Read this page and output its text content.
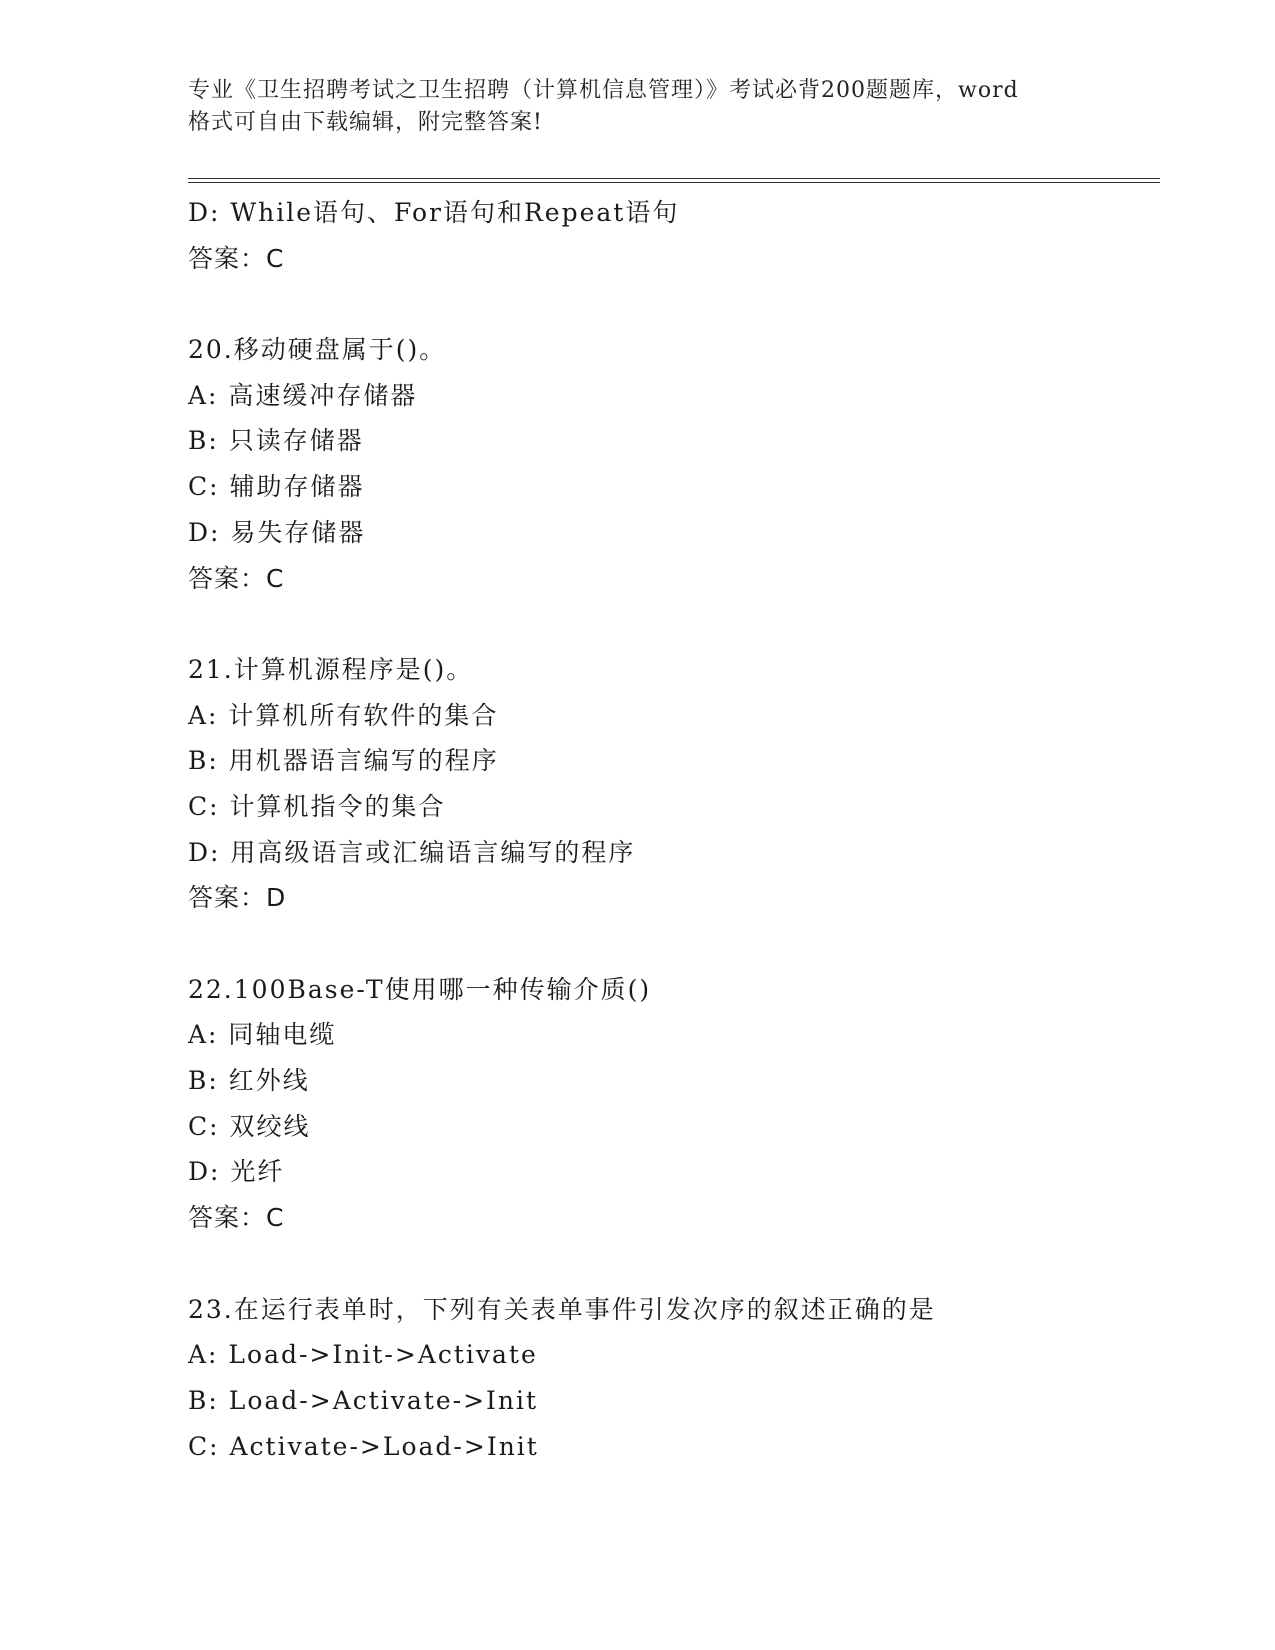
专业《卫生招聘考试之卫生招聘（计算机信息管理）》考试必背200题题库，word
格式可自由下载编辑，附完整答案!
D: While语句、For语句和Repeat语句
答案：C
20.移动硬盘属于()。
A: 高速缓冲存储器
B: 只读存储器
C: 辅助存储器
D: 易失存储器
答案：C
21.计算机源程序是()。
A: 计算机所有软件的集合
B: 用机器语言编写的程序
C: 计算机指令的集合
D: 用高级语言或汇编语言编写的程序
答案：D
22.100Base-T使用哪一种传输介质()
A: 同轴电缆
B: 红外线
C: 双绞线
D: 光纤
答案：C
23.在运行表单时，下列有关表单事件引发次序的叙述正确的是
A: Load->Init->Activate
B: Load->Activate->Init
C: Activate->Load->Init
